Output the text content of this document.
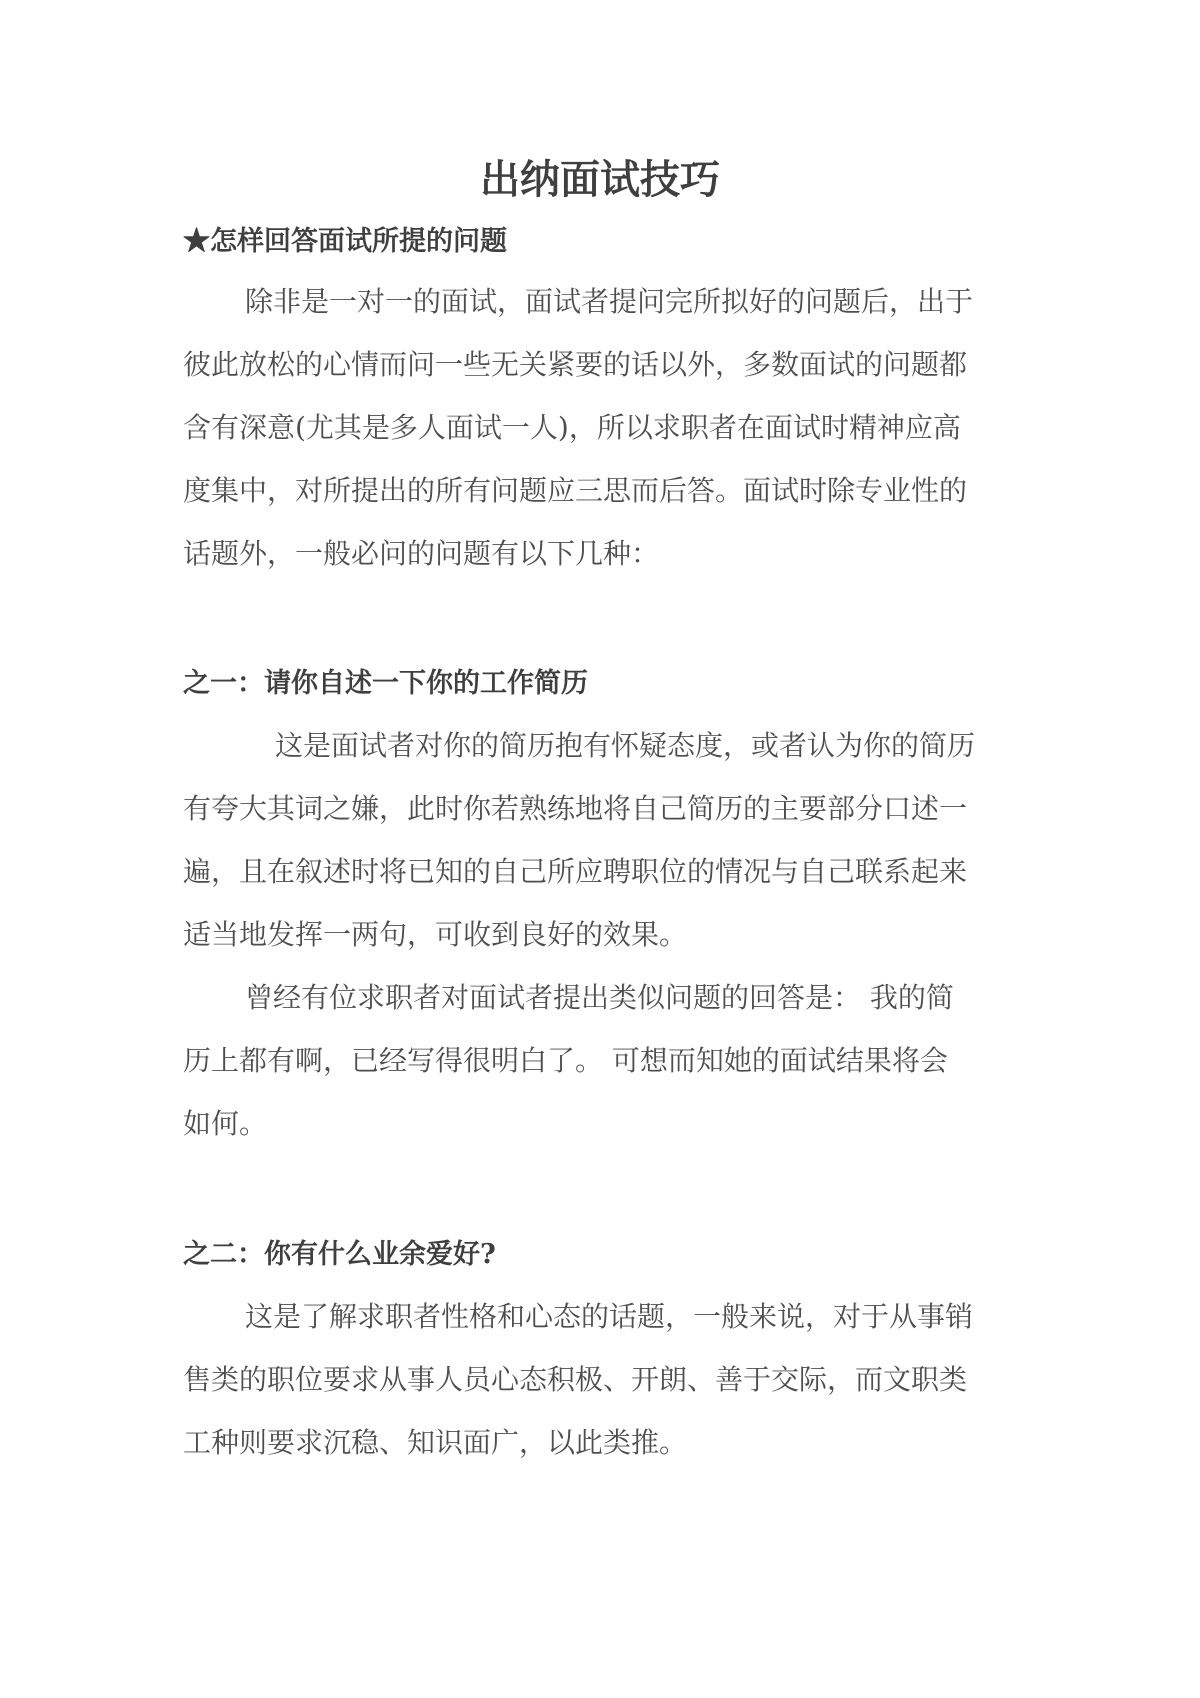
出纳面试技巧
★怎样回答面试所提的问题
除非是一对一的面试，面试者提问完所拟好的问题后，出于
彼此放松的心情而问一些无关紧要的话以外，多数面试的问题都
含有深意(尤其是多人面试一人)，所以求职者在面试时精神应高
度集中，对所提出的所有问题应三思而后答。面试时除专业性的
话题外，一般必问的问题有以下几种：
之一：请你自述一下你的工作简历
这是面试者对你的简历抱有怀疑态度，或者认为你的简历
有夸大其词之嫌，此时你若熟练地将自己简历的主要部分口述一
遍，且在叙述时将已知的自己所应聘职位的情况与自己联系起来
适当地发挥一两句，可收到良好的效果。
曾经有位求职者对面试者提出类似问题的回答是： 我的简
历上都有啊，已经写得很明白了。 可想而知她的面试结果将会
如何。
之二：你有什么业余爱好?
这是了解求职者性格和心态的话题，一般来说，对于从事销
售类的职位要求从事人员心态积极、开朗、善于交际，而文职类
工种则要求沉稳、知识面广，以此类推。
